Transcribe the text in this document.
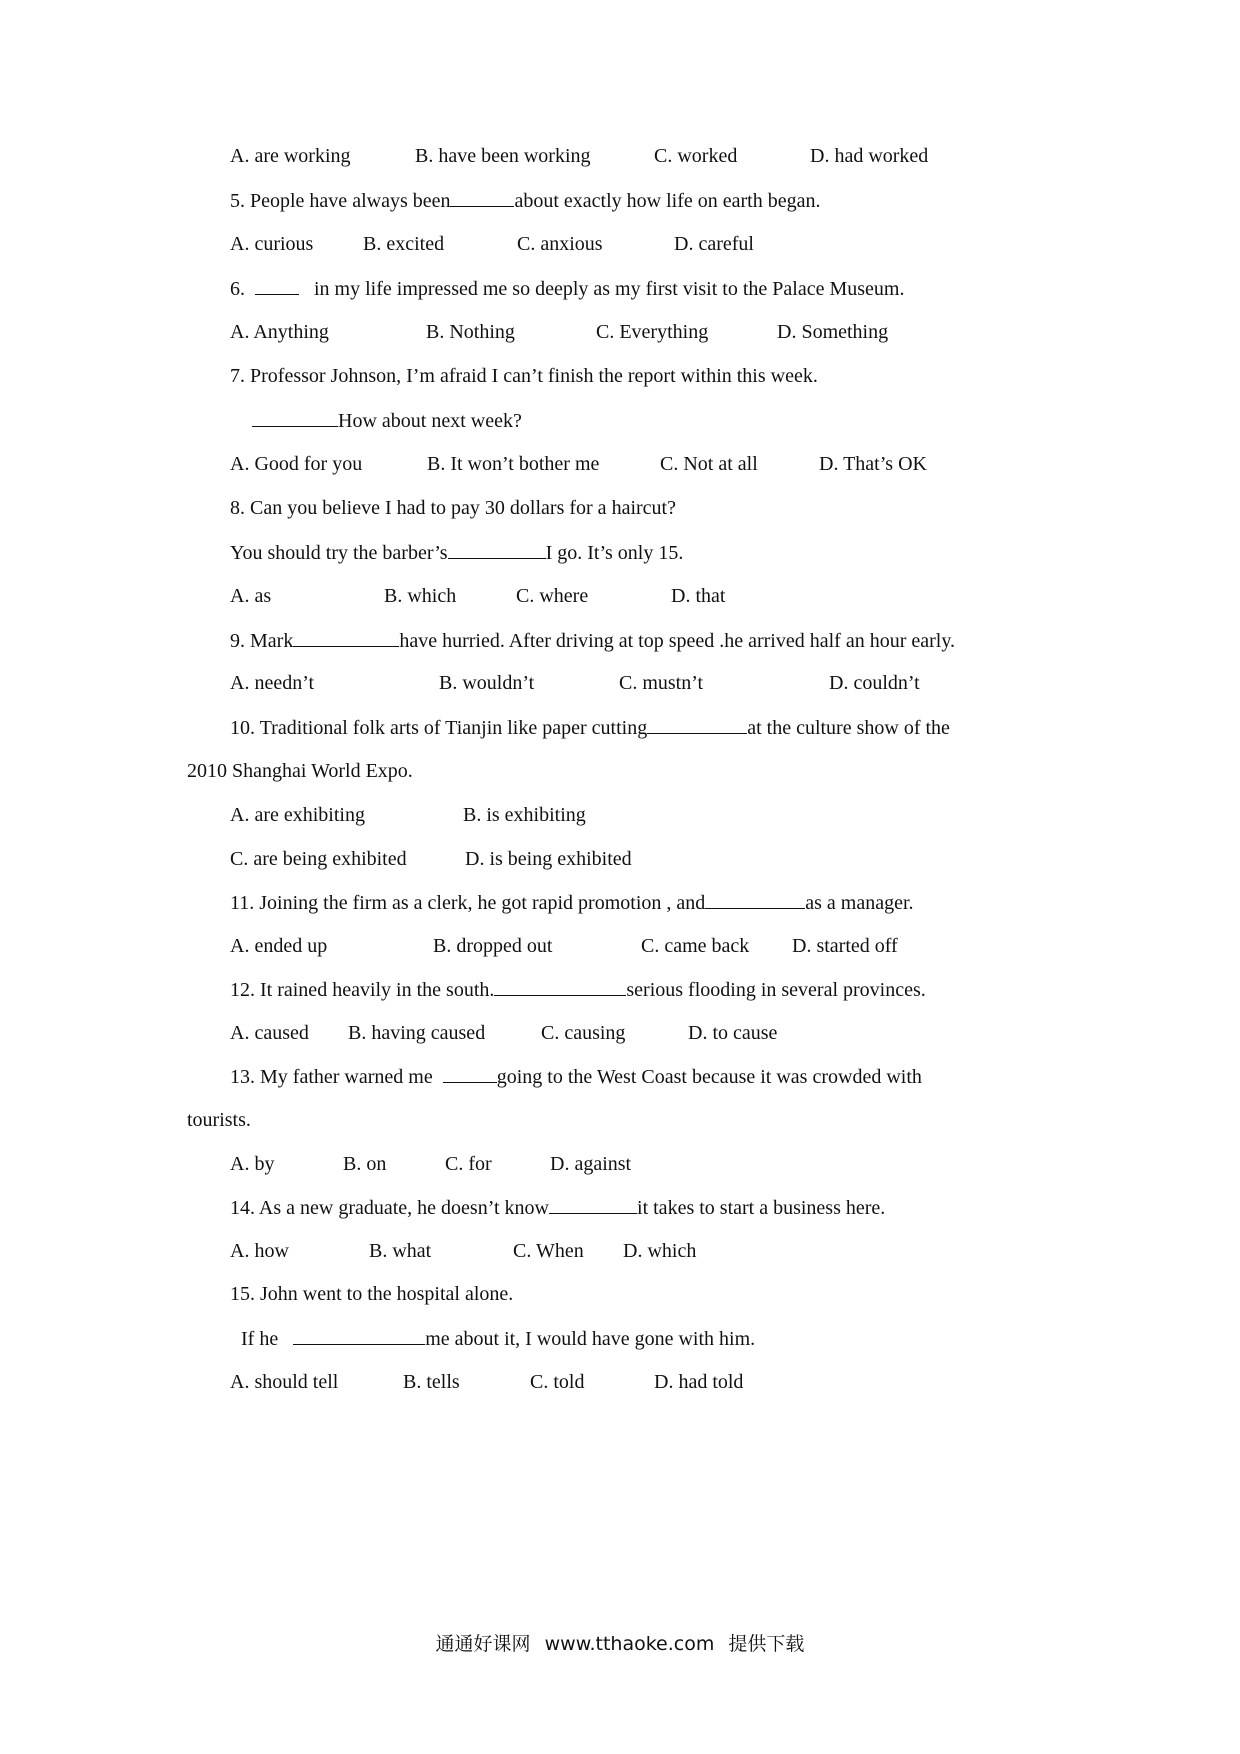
A. are working	B. have been working	C. worked	D. had worked
5. People have always been	about exactly how life on earth began.
A. curious B. excited	C. anxious	D. careful
6.	in my life impressed me so deeply as my first visit to the Palace Museum.
A. Anything	B. Nothing	C. Everything	D. Something
7. Professor Johnson, I’m afraid I can’t finish the report within this week.
How about next week?
A. Good for you	B. It won’t bother me	C. Not at all	D. That’s OK
8. Can you believe I had to pay 30 dollars for a haircut?
You should try the barber’s	I go. It’s only 15.
A. as	B. which	C. where	D. that
9. Mark	have hurried. After driving at top speed .he arrived half an hour early.
A. needn’t	B. wouldn’t	C. mustn’t	D. couldn’t
10. Traditional folk arts of Tianjin like paper cutting	at the culture show of the
2010 Shanghai World Expo.
A. are exhibiting	B. is exhibiting
C. are being exhibited	D. is being exhibited
11. Joining the firm as a clerk, he got rapid promotion , and	as a manager.
A. ended up	B. dropped out	C. came back D. started off
12. It rained heavily in the south.	serious flooding in several provinces.
A. caused B. having caused	C. causing	D. to cause
13. My father warned me	going to the West Coast because it was crowded with
tourists.
A. by	B. on	C. for	D. against
14. As a new graduate, he doesn’t know	it takes to start a business here.
A. how	B. what	C. When D. which
15. John went to the hospital alone.
If he	me about it, I would have gone with him.
A. should tell	B. tells	C. told	D. had told
通通好课网 www.tthaoke.com 提供下载
